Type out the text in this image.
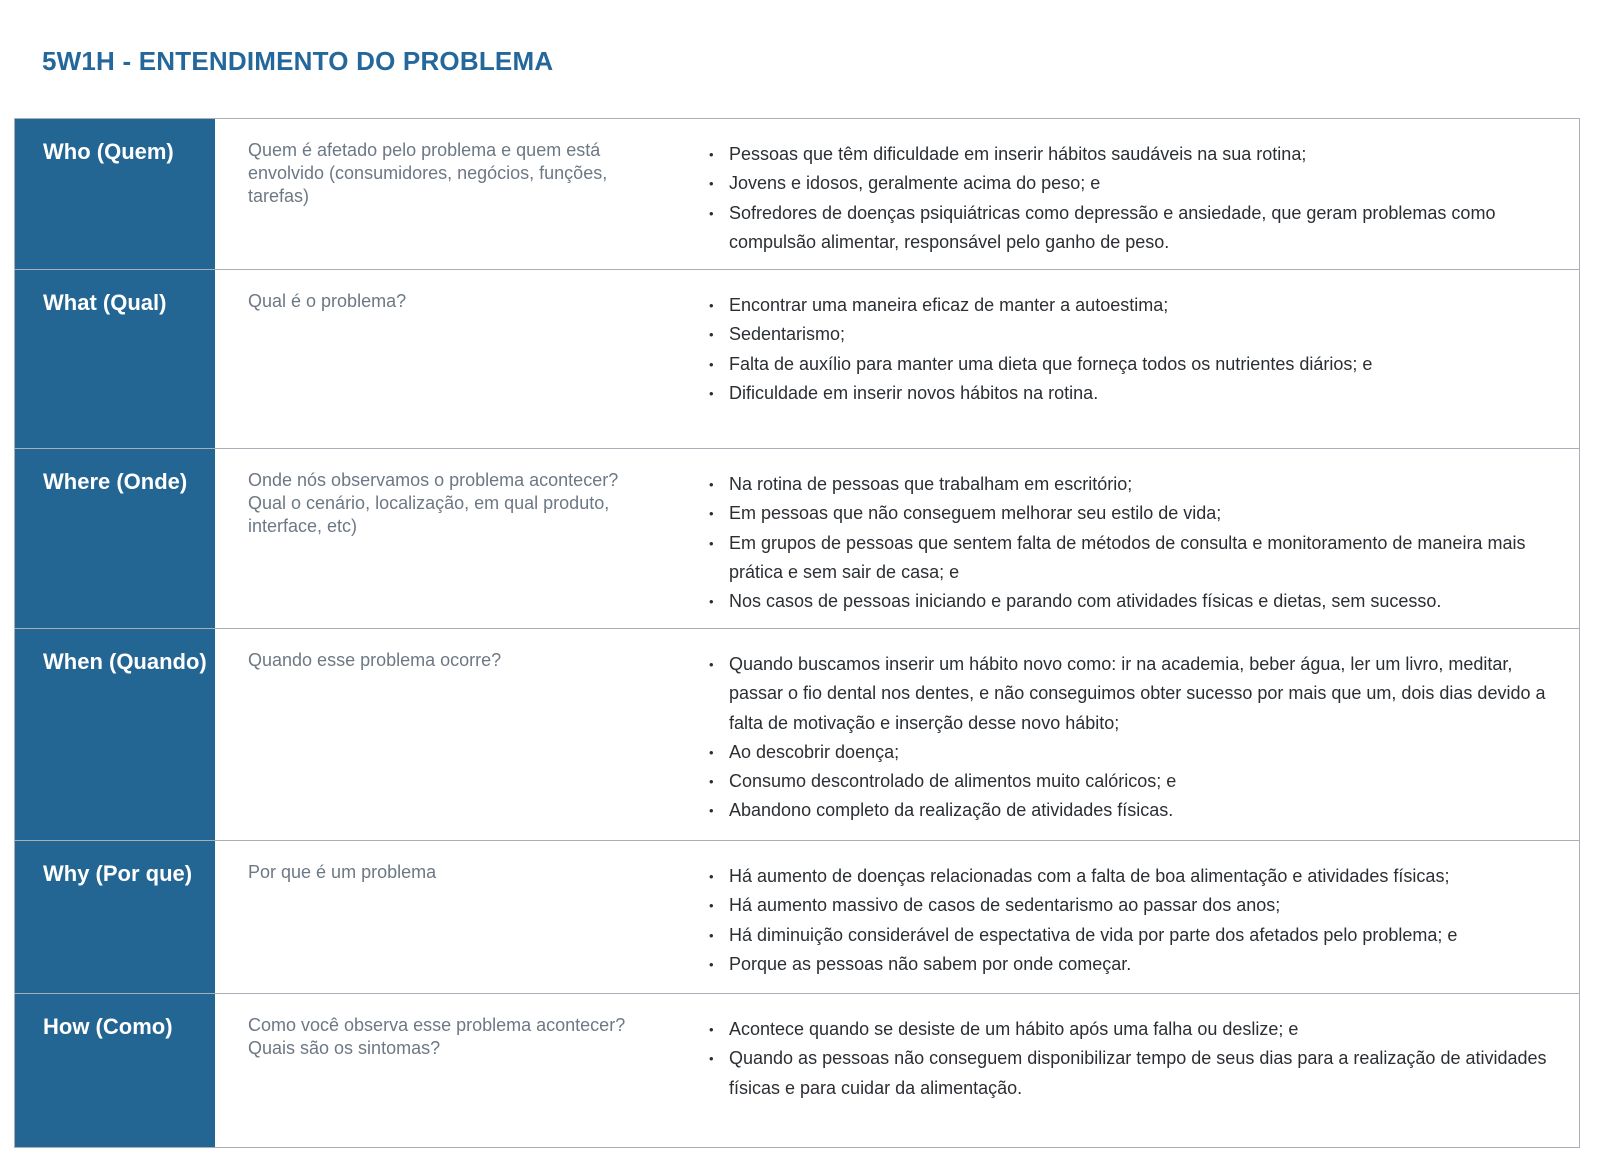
5W1H - ENTENDIMENTO DO PROBLEMA
Who (Quem)	Quem é afetado pelo problema e quem está envolvido (consumidores, negócios, funções, tarefas)

• Pessoas que têm dificuldade em inserir hábitos saudáveis na sua rotina;
• Jovens e idosos, geralmente acima do peso; e
• Sofredores de doenças psiquiátricas como depressão e ansiedade, que geram problemas como compulsão alimentar, responsável pelo ganho de peso.
What (Qual)	Qual é o problema?	• Encontrar uma maneira eficaz de manter a autoestima;
• Sedentarismo;
• Falta de auxílio para manter uma dieta que forneça todos os nutrientes diários; e
• Dificuldade em inserir novos hábitos na rotina.
Where (Onde)	Onde nós observamos o problema acontecer? Qual o cenário, localização, em qual produto, interface, etc)

• Na rotina de pessoas que trabalham em escritório;
• Em pessoas que não conseguem melhorar seu estilo de vida;
• Em grupos de pessoas que sentem falta de métodos de consulta e monitoramento de maneira mais prática e sem sair de casa; e
• Nos casos de pessoas iniciando e parando com atividades físicas e dietas, sem sucesso.
When (Quando)	Quando esse problema ocorre?	• Quando buscamos inserir um hábito novo como: ir na academia, beber água, ler um livro, meditar, passar o fio dental nos dentes, e não conseguimos obter sucesso por mais que um, dois dias devido a falta de motivação e inserção desse novo hábito;
• Ao descobrir doença;
• Consumo descontrolado de alimentos muito calóricos; e
• Abandono completo da realização de atividades físicas.
Why (Por que)	Por que é um problema	• Há aumento de doenças relacionadas com a falta de boa alimentação e atividades físicas;
• Há aumento massivo de casos de sedentarismo ao passar dos anos;
• Há diminuição considerável de espectativa de vida por parte dos afetados pelo problema; e
• Porque as pessoas não sabem por onde começar.
How (Como)	Como você observa esse problema acontecer? Quais são os sintomas?

• Acontece quando se desiste de um hábito após uma falha ou deslize; e
• Quando as pessoas não conseguem disponibilizar tempo de seus dias para a realização de atividades físicas e para cuidar da alimentação.
